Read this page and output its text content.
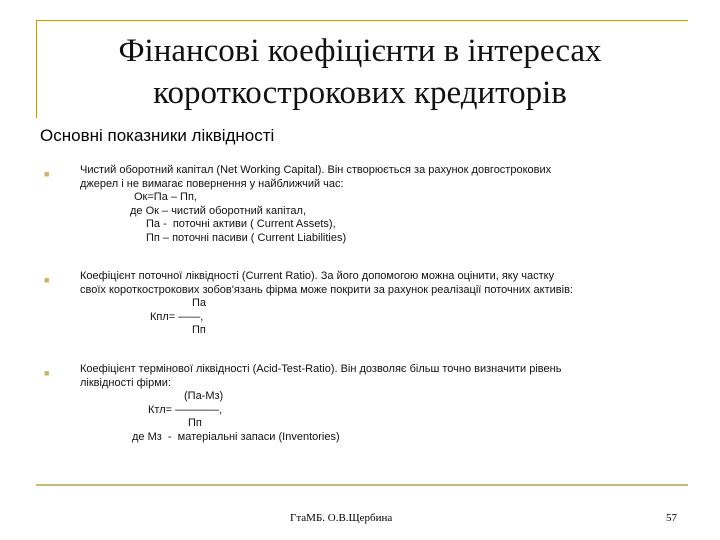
Фінансові коефіцієнти в інтересах
короткострокових кредиторів
Основні показники ліквідності
■	Чистий оборотний капітал (Net Working Capital). Він створюється за рахунок довгострокових
джерел і не вимагає повернення у найближчий час:
Ок=Па – Пп,
де Ок – чистий оборотний капітал,
Па -  поточні активи ( Current Assets),
Пп – поточні пасиви ( Current Liabilities)
■	Коефіцієнт поточної ліквідності (Current Ratio). За його допомогою можна оцінити, яку частку
своїх короткострокових зобов'язань фірма може покрити за рахунок реалізації поточних активів:
Па
Кпл= ——,
Пп
■	Коефіцієнт термінової ліквідності (Acid-Test-Ratio). Він дозволяє більш точно визначити рівень
ліквідності фірми:
(Па-Мз)
Ктл= ————,
Пп
де Мз  -  матеріальні запаси (Inventories)
ГтаМБ. О.В.Щербина	57
